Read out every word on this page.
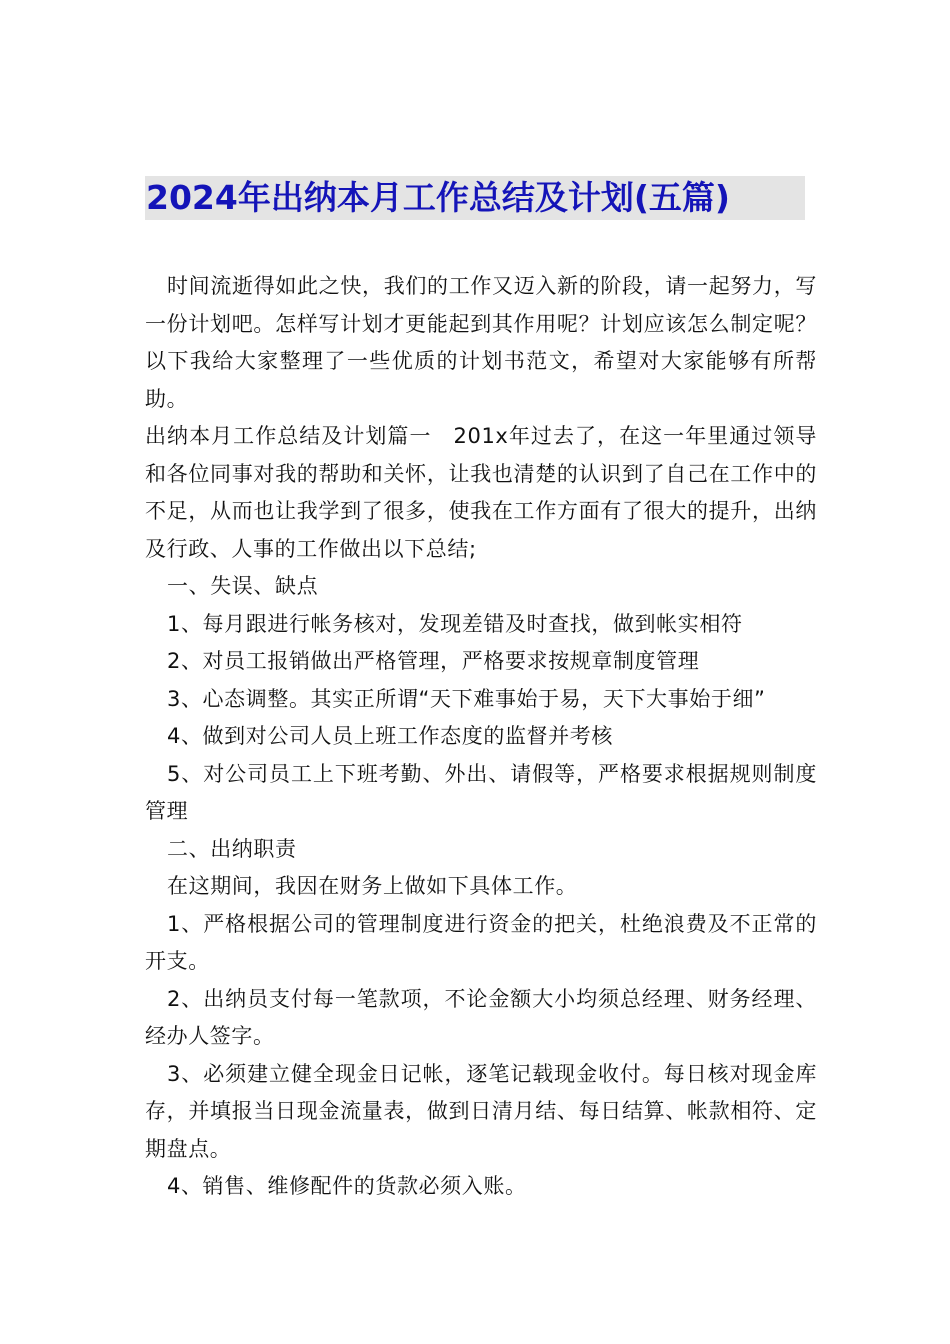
2024年出纳本月工作总结及计划(五篇)

时间流逝得如此之快，我们的工作又迈入新的阶段，请一起努力，写一份计划吧。怎样写计划才更能起到其作用呢？计划应该怎么制定呢？以下我给大家整理了一些优质的计划书范文，希望对大家能够有所帮助。

出纳本月工作总结及计划篇一　201x年过去了，在这一年里通过领导和各位同事对我的帮助和关怀，让我也清楚的认识到了自己在工作中的不足，从而也让我学到了很多，使我在工作方面有了很大的提升，出纳及行政、人事的工作做出以下总结;

一、失误、缺点

1、每月跟进行帐务核对，发现差错及时查找，做到帐实相符

2、对员工报销做出严格管理，严格要求按规章制度管理

3、心态调整。其实正所谓“天下难事始于易，天下大事始于细”

4、做到对公司人员上班工作态度的监督并考核

5、对公司员工上下班考勤、外出、请假等，严格要求根据规则制度管理

二、出纳职责

在这期间，我因在财务上做如下具体工作。

1、严格根据公司的管理制度进行资金的把关，杜绝浪费及不正常的开支。

2、出纳员支付每一笔款项，不论金额大小均须总经理、财务经理、经办人签字。

3、必须建立健全现金日记帐，逐笔记载现金收付。每日核对现金库存，并填报当日现金流量表，做到日清月结、每日结算、帐款相符、定期盘点。

4、销售、维修配件的货款必须入账。
